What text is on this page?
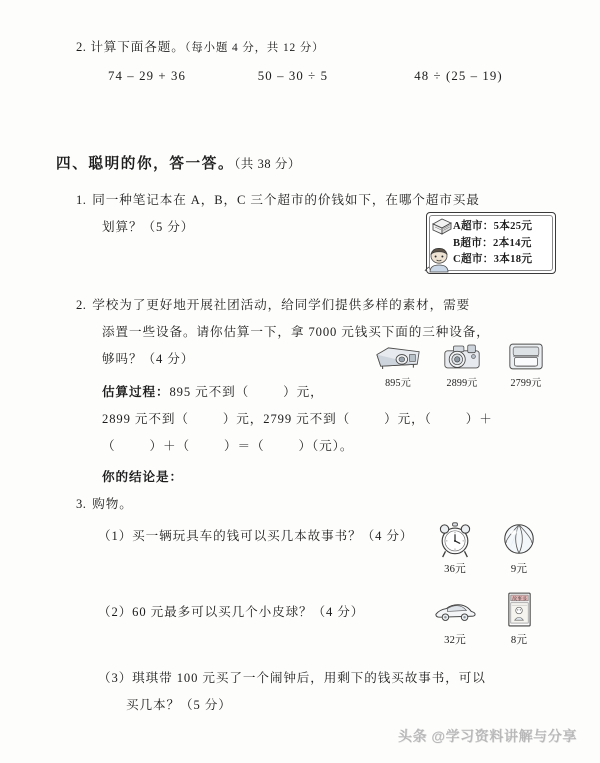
2. 计算下面各题。（每小题 4 分，共 12 分）
74 – 29 + 36	50 – 30 ÷ 5	48 ÷ (25 – 19)
四、聪明的你，答一答。（共 38 分）
1. 同一种笔记本在 A，B，C 三个超市的价钱如下，在哪个超市买最
划算？（5 分）	A超市：5本25元
B超市：2本14元
C超市：3本18元
2. 学校为了更好地开展社团活动，给同学们提供多样的素材，需要
添置一些设备。请你估算一下，拿 7000 元钱买下面的三种设备，
够吗？（4 分）
895元	2899元	2799元
估算过程：895 元不到（	）元，
2899 元不到（	）元，2799 元不到（	）元，（	）＋
（	）＋（	）＝（	）（元）。
你的结论是：
3. 购物。
（1）买一辆玩具车的钱可以买几本故事书？（4 分）
（2）60 元最多可以买几个小皮球？（4 分）
（3）琪琪带 100 元买了一个闹钟后，用剩下的钱买故事书，可以
买几本？（5 分）
36元	9元
32元
故事书
8元
头条 @学习资料讲解与分享
